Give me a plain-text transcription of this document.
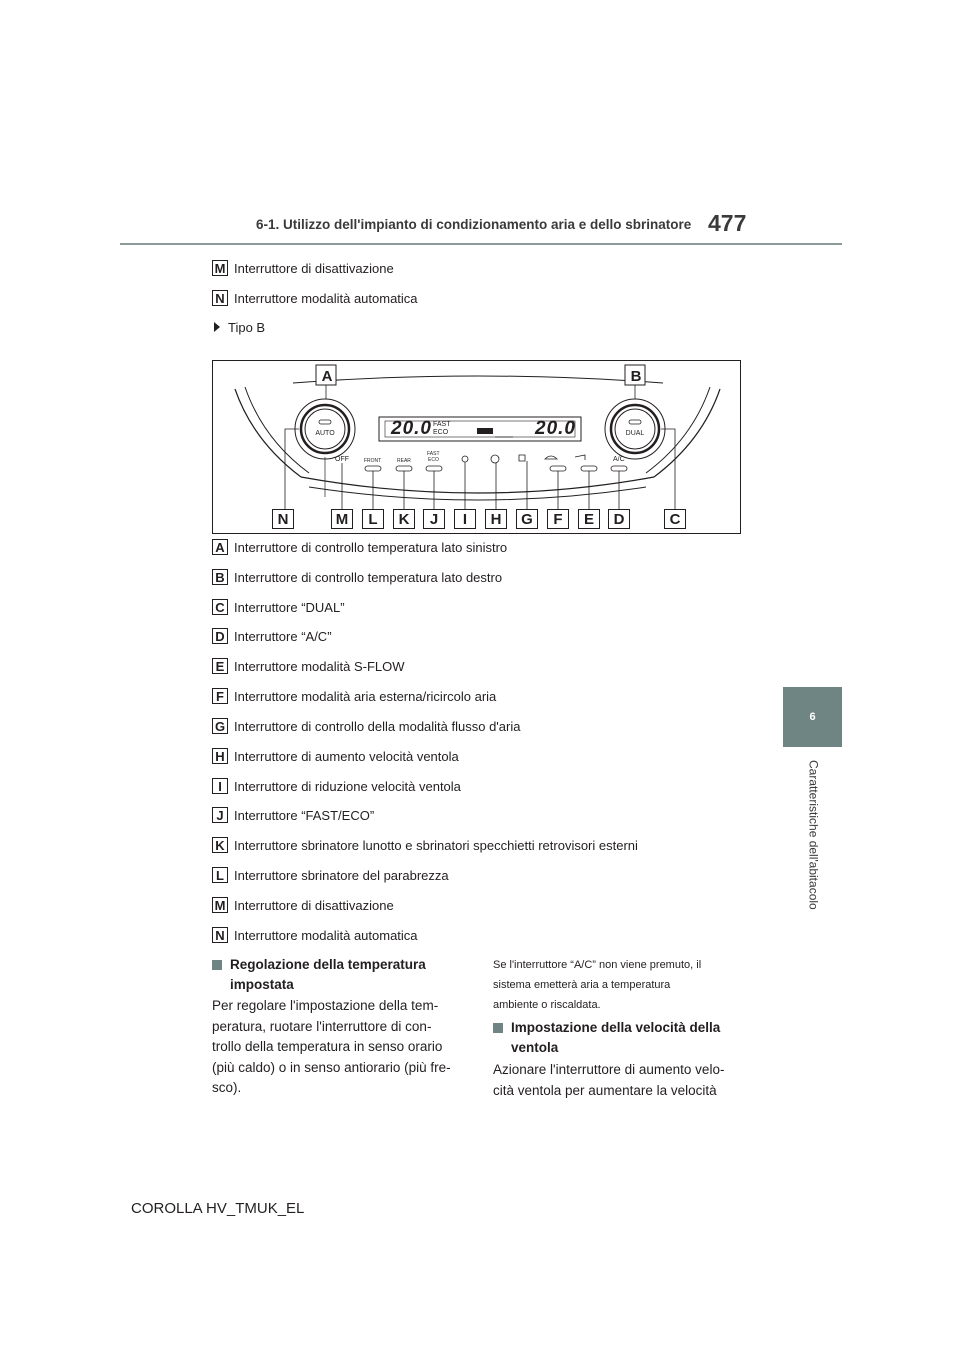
6-1. Utilizzo dell'impianto di condizionamento aria e dello sbrinatore 477
6
Caratteristiche dell'abitacolo
M Interruttore di disattivazione
N Interruttore modalità automatica
Tipo B
A	B
AUTO	DUAL
20.0	20.0
FAST
ECO
OFF	FRONT	REAR
FAST
ECO	A/C
N	M	L	K	J	I	H	G	F	E	D	C
A Interruttore di controllo temperatura lato sinistro
B Interruttore di controllo temperatura lato destro
C Interruttore “DUAL”
D Interruttore “A/C”
E Interruttore modalità S-FLOW
F Interruttore modalità aria esterna/ricircolo aria
G Interruttore di controllo della modalità flusso d'aria
H Interruttore di aumento velocità ventola
I Interruttore di riduzione velocità ventola
J Interruttore “FAST/ECO”
K Interruttore sbrinatore lunotto e sbrinatori specchietti retrovisori esterni
L Interruttore sbrinatore del parabrezza
M Interruttore di disattivazione
N Interruttore modalità automatica
Regolazione della temperatura
impostata
Per regolare l'impostazione della tem-
peratura, ruotare l'interruttore di con-
trollo della temperatura in senso orario
(più caldo) o in senso antiorario (più fre-
sco).
Se l'interruttore “A/C” non viene premuto, il
sistema emetterà aria a temperatura
ambiente o riscaldata.
Impostazione della velocità della
ventola
Azionare l'interruttore di aumento velo-
cità ventola per aumentare la velocità
COROLLA HV_TMUK_EL
